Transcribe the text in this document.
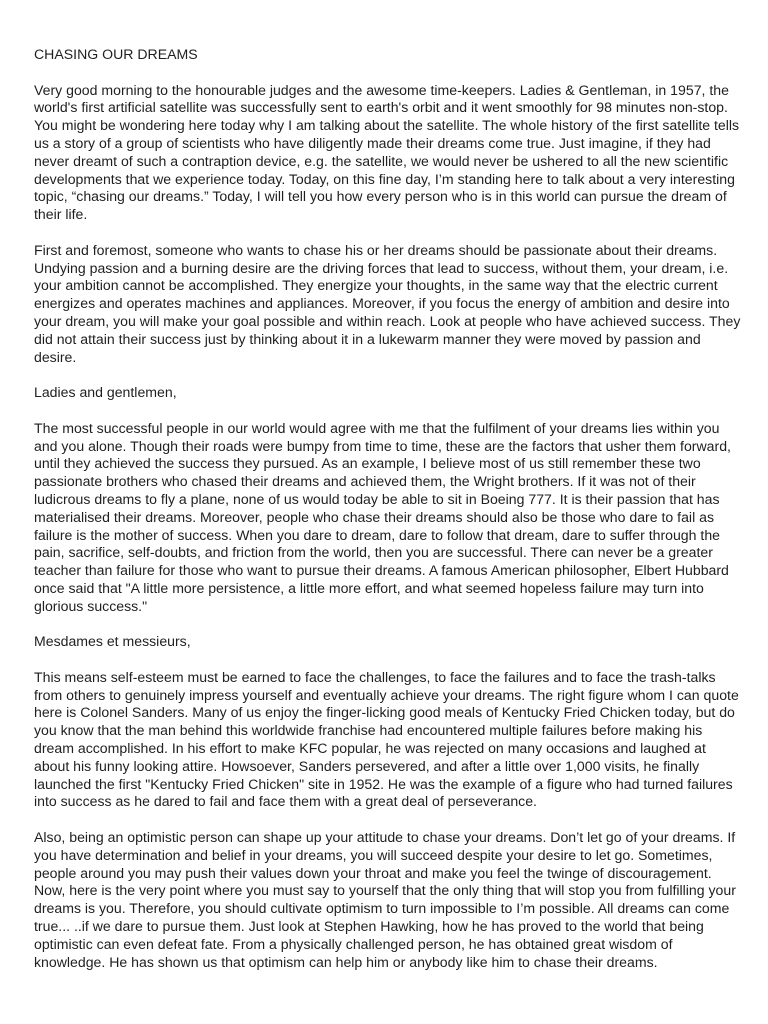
CHASING OUR DREAMS

Very good morning to the honourable judges and the awesome time-keepers. Ladies & Gentleman, in 1957, the world's first artificial satellite was successfully sent to earth's orbit and it went smoothly for 98 minutes non-stop. You might be wondering here today why I am talking about the satellite. The whole history of the first satellite tells us a story of a group of scientists who have diligently made their dreams come true. Just imagine, if they had never dreamt of such a contraption device, e.g. the satellite, we would never be ushered to all the new scientific developments that we experience today. Today, on this fine day, I’m standing here to talk about a very interesting topic, “chasing our dreams.” Today, I will tell you how every person who is in this world can pursue the dream of their life.

First and foremost, someone who wants to chase his or her dreams should be passionate about their dreams. Undying passion and a burning desire are the driving forces that lead to success, without them, your dream, i.e. your ambition cannot be accomplished. They energize your thoughts, in the same way that the electric current energizes and operates machines and appliances. Moreover, if you focus the energy of ambition and desire into your dream, you will make your goal possible and within reach. Look at people who have achieved success. They did not attain their success just by thinking about it in a lukewarm manner they were moved by passion and desire.

Ladies and gentlemen,

The most successful people in our world would agree with me that the fulfilment of your dreams lies within you and you alone. Though their roads were bumpy from time to time, these are the factors that usher them forward, until they achieved the success they pursued. As an example, I believe most of us still remember these two passionate brothers who chased their dreams and achieved them, the Wright brothers. If it was not of their ludicrous dreams to fly a plane, none of us would today be able to sit in Boeing 777. It is their passion that has materialised their dreams. Moreover, people who chase their dreams should also be those who dare to fail as failure is the mother of success. When you dare to dream, dare to follow that dream, dare to suffer through the pain, sacrifice, self-doubts, and friction from the world, then you are successful. There can never be a greater teacher than failure for those who want to pursue their dreams. A famous American philosopher, Elbert Hubbard once said that "A little more persistence, a little more effort, and what seemed hopeless failure may turn into glorious success."

Mesdames et messieurs,

This means self-esteem must be earned to face the challenges, to face the failures and to face the trash-talks from others to genuinely impress yourself and eventually achieve your dreams. The right figure whom I can quote here is Colonel Sanders. Many of us enjoy the finger-licking good meals of Kentucky Fried Chicken today, but do you know that the man behind this worldwide franchise had encountered multiple failures before making his dream accomplished. In his effort to make KFC popular, he was rejected on many occasions and laughed at about his funny looking attire. Howsoever, Sanders persevered, and after a little over 1,000 visits, he finally launched the first "Kentucky Fried Chicken" site in 1952. He was the example of a figure who had turned failures into success as he dared to fail and face them with a great deal of perseverance.

Also, being an optimistic person can shape up your attitude to chase your dreams. Don’t let go of your dreams. If you have determination and belief in your dreams, you will succeed despite your desire to let go. Sometimes, people around you may push their values down your throat and make you feel the twinge of discouragement. Now, here is the very point where you must say to yourself that the only thing that will stop you from fulfilling your dreams is you. Therefore, you should cultivate optimism to turn impossible to I’m possible. All dreams can come true... ..if we dare to pursue them. Just look at Stephen Hawking, how he has proved to the world that being optimistic can even defeat fate. From a physically challenged person, he has obtained great wisdom of knowledge. He has shown us that optimism can help him or anybody like him to chase their dreams.
